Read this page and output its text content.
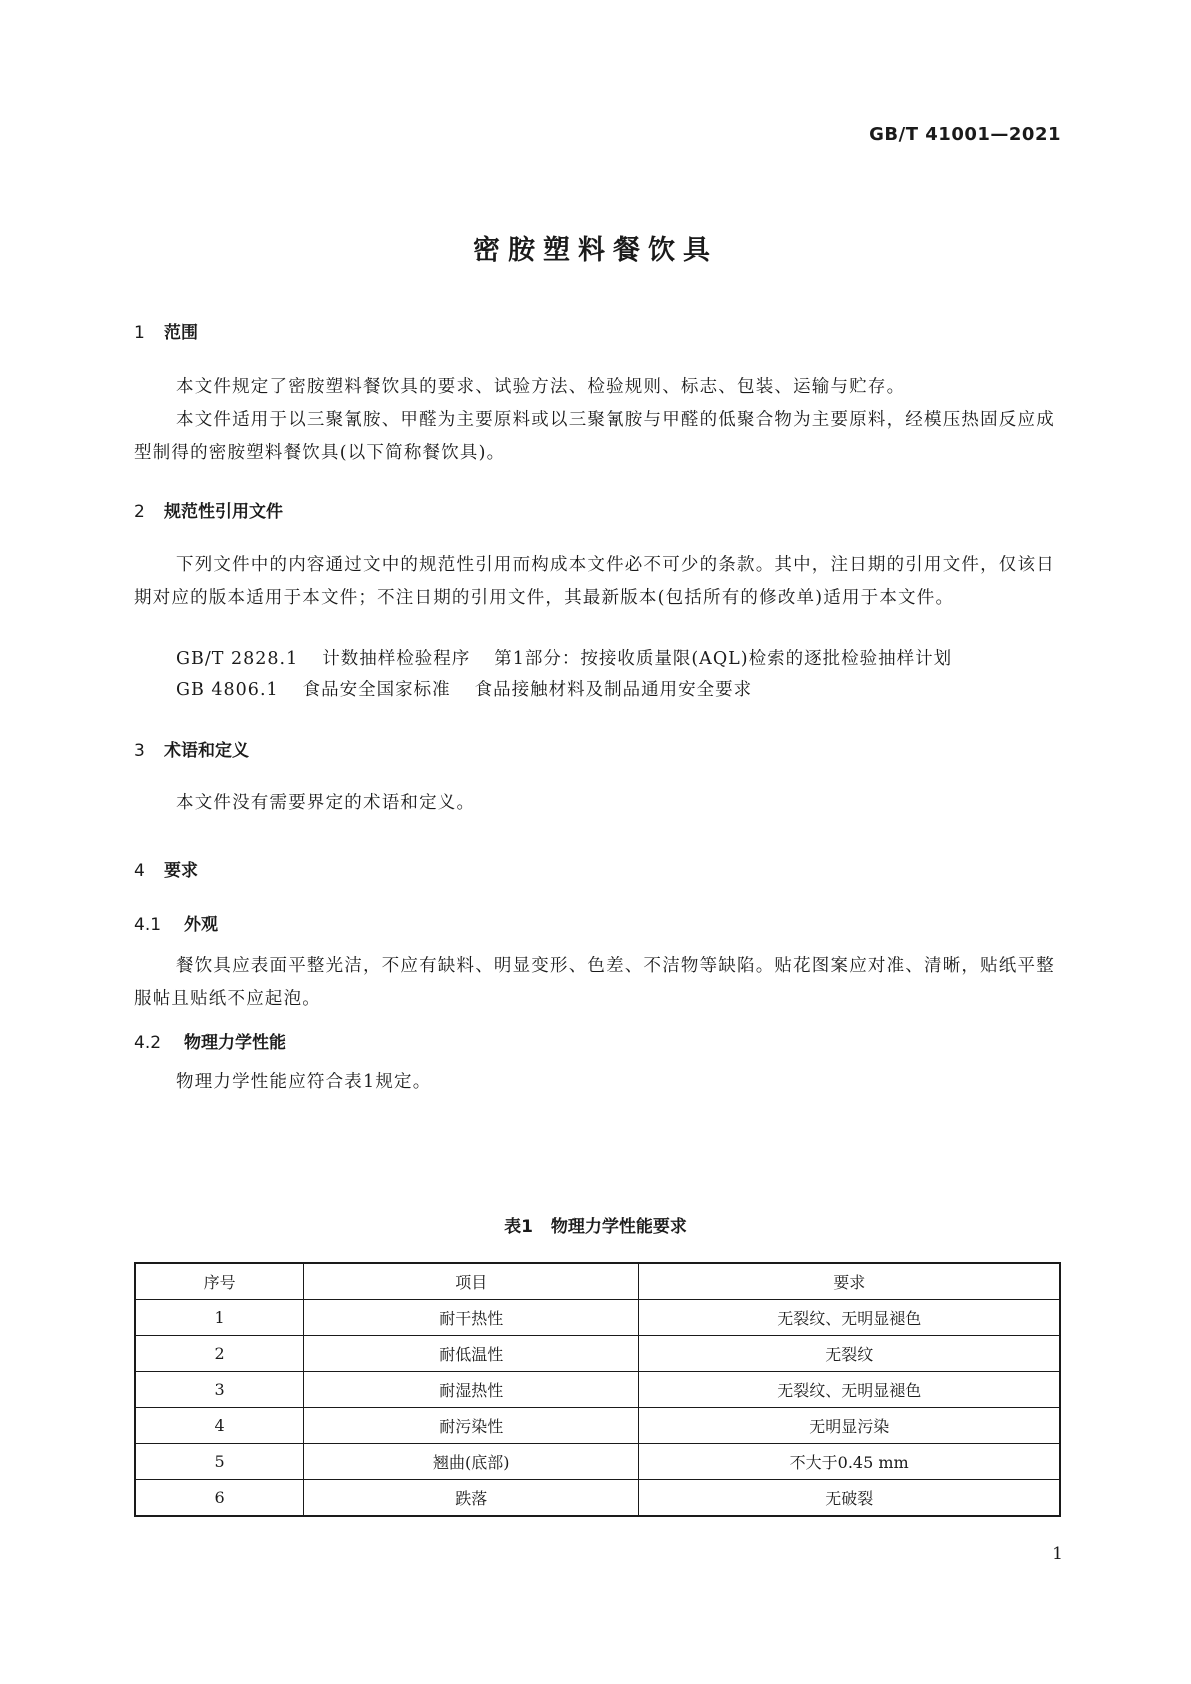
GB/T 41001—2021
密胺塑料餐饮具
1 范围
本文件规定了密胺塑料餐饮具的要求、试验方法、检验规则、标志、包装、运输与贮存。
本文件适用于以三聚氰胺、甲醛为主要原料或以三聚氰胺与甲醛的低聚合物为主要原料，经模压热固反应成型制得的密胺塑料餐饮具(以下简称餐饮具)。
2 规范性引用文件
下列文件中的内容通过文中的规范性引用而构成本文件必不可少的条款。其中，注日期的引用文件，仅该日期对应的版本适用于本文件；不注日期的引用文件，其最新版本(包括所有的修改单)适用于本文件。
GB/T 2828.1 计数抽样检验程序 第1部分：按接收质量限(AQL)检索的逐批检验抽样计划
GB 4806.1 食品安全国家标准 食品接触材料及制品通用安全要求
3 术语和定义
本文件没有需要界定的术语和定义。
4 要求
4.1 外观
餐饮具应表面平整光洁，不应有缺料、明显变形、色差、不洁物等缺陷。贴花图案应对准、清晰，贴纸平整服帖且贴纸不应起泡。
4.2 物理力学性能
物理力学性能应符合表1规定。
表1 物理力学性能要求
序号	项目	要求
1	耐干热性	无裂纹、无明显褪色
2	耐低温性	无裂纹
3	耐湿热性	无裂纹、无明显褪色
4	耐污染性	无明显污染
5	翘曲(底部)	不大于0.45 mm
6	跌落	无破裂
1
